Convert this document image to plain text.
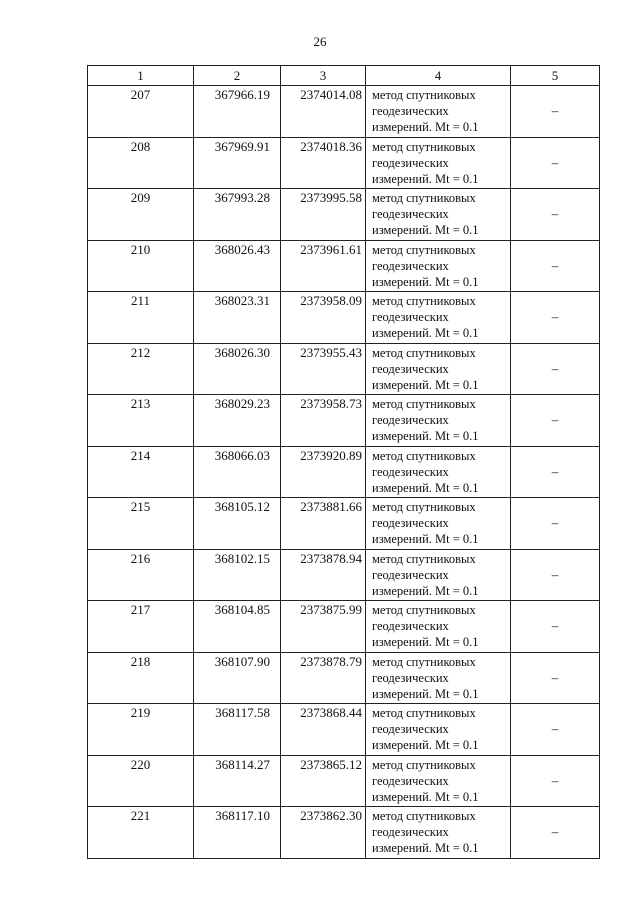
26
1	2	3	4	5
207	367966.19	2374014.08	метод спутниковых
геодезических
измерений. Mt = 0.1	–
208	367969.91	2374018.36	метод спутниковых
геодезических
измерений. Mt = 0.1	–
209	367993.28	2373995.58	метод спутниковых
геодезических
измерений. Mt = 0.1	–
210	368026.43	2373961.61	метод спутниковых
геодезических
измерений. Mt = 0.1	–
211	368023.31	2373958.09	метод спутниковых
геодезических
измерений. Mt = 0.1	–
212	368026.30	2373955.43	метод спутниковых
геодезических
измерений. Mt = 0.1	–
213	368029.23	2373958.73	метод спутниковых
геодезических
измерений. Mt = 0.1	–
214	368066.03	2373920.89	метод спутниковых
геодезических
измерений. Mt = 0.1	–
215	368105.12	2373881.66	метод спутниковых
геодезических
измерений. Mt = 0.1	–
216	368102.15	2373878.94	метод спутниковых
геодезических
измерений. Mt = 0.1	–
217	368104.85	2373875.99	метод спутниковых
геодезических
измерений. Mt = 0.1	–
218	368107.90	2373878.79	метод спутниковых
геодезических
измерений. Mt = 0.1	–
219	368117.58	2373868.44	метод спутниковых
геодезических
измерений. Mt = 0.1	–
220	368114.27	2373865.12	метод спутниковых
геодезических
измерений. Mt = 0.1	–
221	368117.10	2373862.30	метод спутниковых
геодезических
измерений. Mt = 0.1	–
